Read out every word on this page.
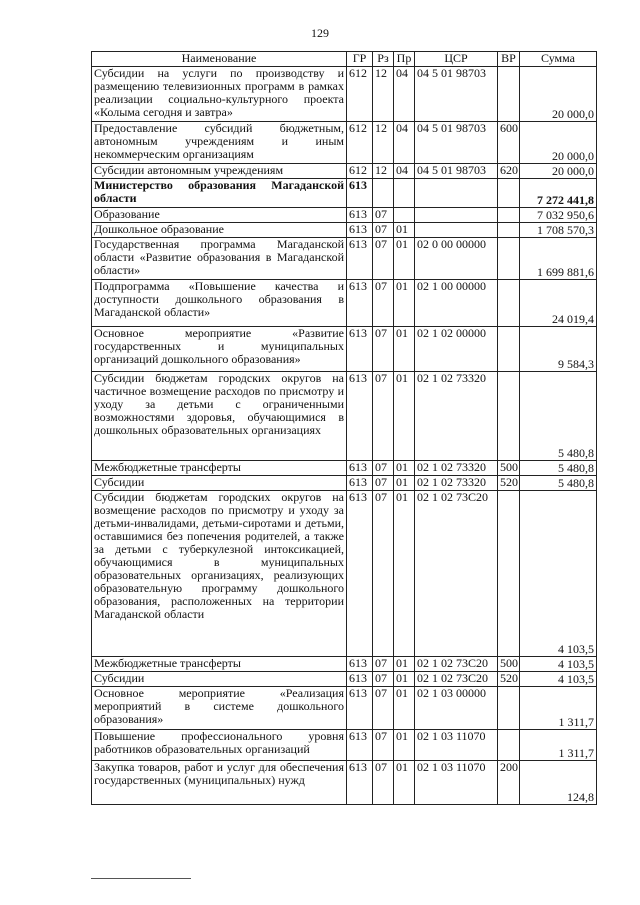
129
Наименование	ГР	Рз	Пр	ЦСР	ВР	Сумма
Субсидии на услуги по производству и размещению телевизионных программ в рамках реализации социально-культурного проекта «Колыма сегодня и завтра»	612	12	04	04 5 01 98703		20 000,0
Предоставление субсидий бюджетным, автономным учреждениям и иным некоммерческим организациям	612	12	04	04 5 01 98703	600	20 000,0
Субсидии автономным учреждениям	612	12	04	04 5 01 98703	620	20 000,0
Министерство образования Магаданской области	613					7 272 441,8
Образование	613	07				7 032 950,6
Дошкольное образование	613	07	01			1 708 570,3
Государственная программа Магаданской области «Развитие образования в Магаданской области»	613	07	01	02 0 00 00000		1 699 881,6
Подпрограмма «Повышение качества и доступности дошкольного образования в Магаданской области»	613	07	01	02 1 00 00000		24 019,4
Основное мероприятие «Развитие государственных и муниципальных организаций дошкольного образования»	613	07	01	02 1 02 00000		9 584,3
Субсидии бюджетам городских округов на частичное возмещение расходов по присмотру и уходу за детьми с ограниченными возможностями здоровья, обучающимися в дошкольных образовательных организациях	613	07	01	02 1 02 73320		5 480,8
Межбюджетные трансферты	613	07	01	02 1 02 73320	500	5 480,8
Субсидии	613	07	01	02 1 02 73320	520	5 480,8
Субсидии бюджетам городских округов на возмещение расходов по присмотру и уходу за детьми-инвалидами, детьми-сиротами и детьми, оставшимися без попечения родителей, а также за детьми с туберкулезной интоксикацией, обучающимися в муниципальных образовательных организациях, реализующих образовательную программу дошкольного образования, расположенных на территории Магаданской области	613	07	01	02 1 02 73С20		4 103,5
Межбюджетные трансферты	613	07	01	02 1 02 73С20	500	4 103,5
Субсидии	613	07	01	02 1 02 73С20	520	4 103,5
Основное мероприятие «Реализация мероприятий в системе дошкольного образования»	613	07	01	02 1 03 00000		1 311,7
Повышение профессионального уровня работников образовательных организаций	613	07	01	02 1 03 11070		1 311,7
Закупка товаров, работ и услуг для обеспечения государственных (муниципальных) нужд	613	07	01	02 1 03 11070	200	124,8
